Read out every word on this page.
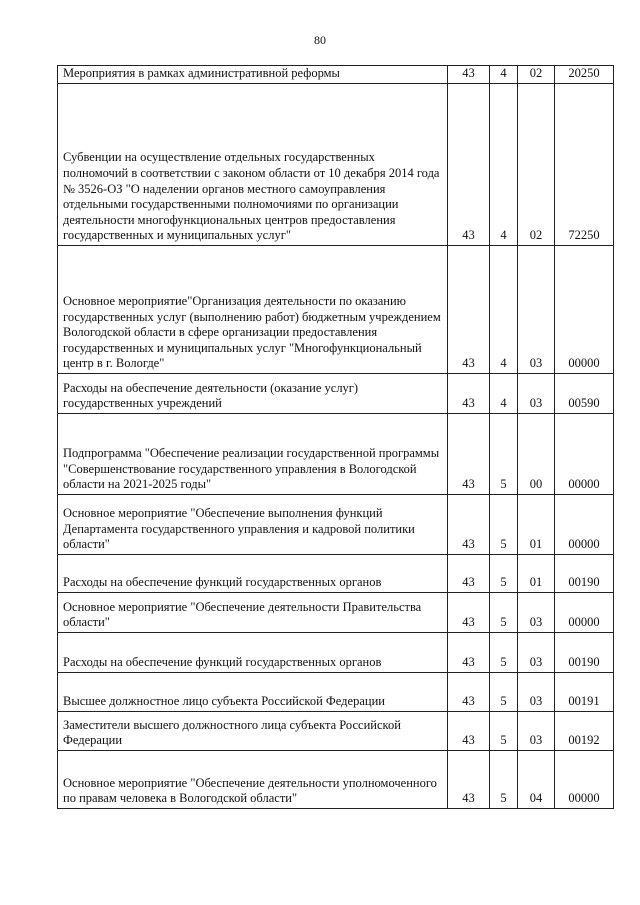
80
Мероприятия в рамках административной реформы	43	4	02	20250
Субвенции на осуществление отдельных государственных полномочий в соответствии с законом области от 10 декабря 2014 года № 3526-ОЗ "О наделении органов местного самоуправления отдельными государственными полномочиями по организации деятельности многофункциональных центров предоставления государственных и муниципальных услуг"	43	4	02	72250
Основное мероприятие"Организация деятельности по оказанию государственных услуг (выполнению работ) бюджетным учреждением Вологодской области в сфере организации предоставления государственных и муниципальных услуг "Многофункциональный центр в г. Вологде"	43	4	03	00000
Расходы на обеспечение деятельности (оказание услуг) государственных учреждений	43	4	03	00590
Подпрограмма "Обеспечение реализации государственной программы "Совершенствование государственного управления в Вологодской области на 2021-2025 годы"	43	5	00	00000
Основное мероприятие "Обеспечение выполнения функций Департамента государственного управления и кадровой политики области"	43	5	01	00000
Расходы на обеспечение функций государственных органов	43	5	01	00190
Основное мероприятие "Обеспечение деятельности Правительства области"	43	5	03	00000
Расходы на обеспечение функций государственных органов	43	5	03	00190
Высшее должностное лицо субъекта Российской Федерации	43	5	03	00191
Заместители высшего должностного лица субъекта Российской Федерации	43	5	03	00192
Основное мероприятие "Обеспечение деятельности уполномоченного по правам человека в Вологодской области"	43	5	04	00000
